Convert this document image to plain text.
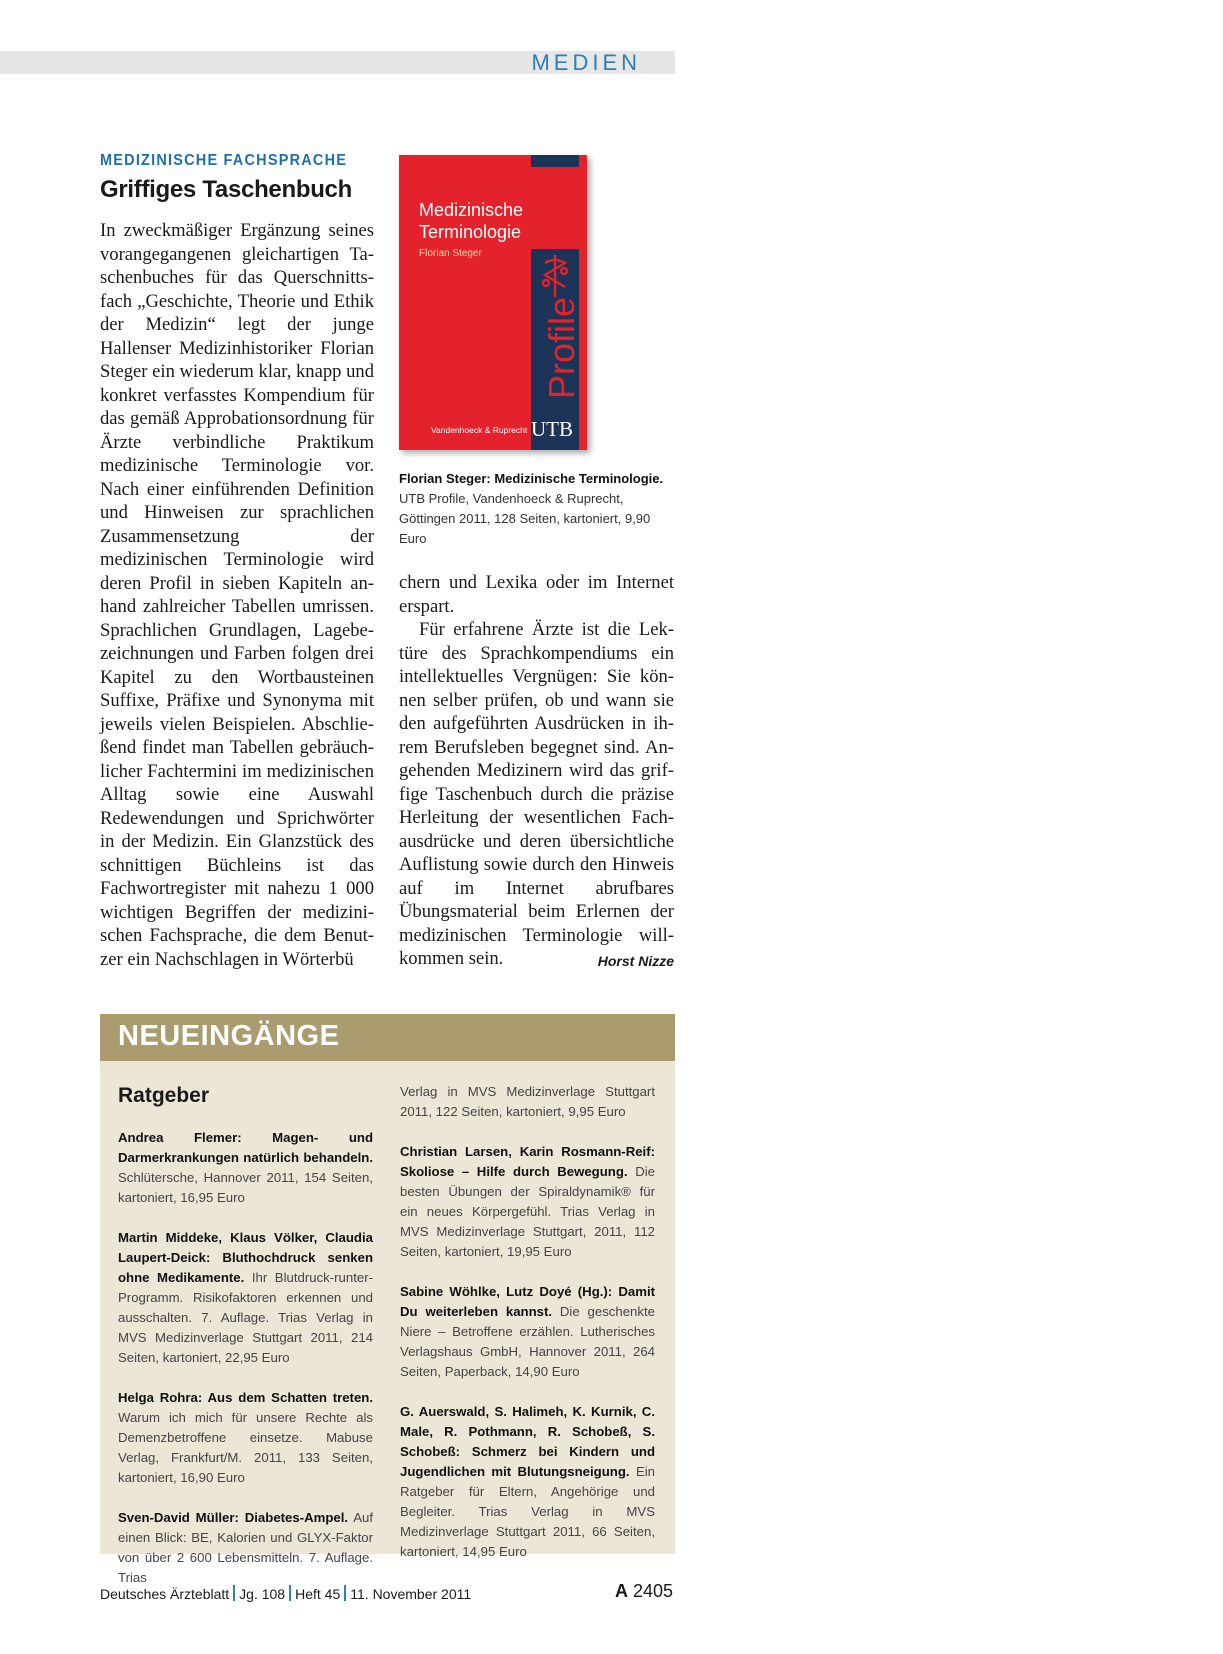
MEDIEN
MEDIZINISCHE FACHSPRACHE
Griffiges Taschenbuch

In zweckmäßiger Ergänzung seines vorangegangenen gleichartigen Taschenbuches für das Querschnittsfach „Geschichte, Theorie und Ethik der Medizin“ legt der junge Hallenser Medizinhistoriker Florian Steger ein wiederum klar, knapp und konkret verfasstes Kompendium für das gemäß Approbationsordnung für Ärzte verbindliche Praktikum medizinische Terminologie vor. Nach einer einführenden Definition und Hinweisen zur sprachlichen Zusammensetzung der medizinischen Terminologie wird deren Profil in sieben Kapiteln anhand zahlreicher Tabellen umrissen. Sprachlichen Grundlagen, Lagebezeichnungen und Farben folgen drei Kapitel zu den Wortbausteinen Suffixe, Präfixe und Synonyma mit jeweils vielen Beispielen. Abschließend findet man Tabellen gebräuchlicher Fachtermini im medizinischen Alltag sowie eine Auswahl Redewendungen und Sprichwörter in der Medizin. Ein Glanzstück des schnittigen Büchleins ist das Fachwortregister mit nahezu 1 000 wichtigen Begriffen der medizinischen Fachsprache, die dem Benutzer ein Nachschlagen in Wörterbü

Medizinische Terminologie
Florian Steger
Profile
Vandenhoeck & Ruprecht UTB
Florian Steger: Medizinische Terminologie.
UTB Profile, Vandenhoeck & Ruprecht, Göttingen 2011, 128 Seiten, kartoniert, 9,90 Euro

chern und Lexika oder im Internet erspart.

Für erfahrene Ärzte ist die Lektüre des Sprachkompendiums ein intellektuelles Vergnügen: Sie können selber prüfen, ob und wann sie den aufgeführten Ausdrücken in ihrem Berufsleben begegnet sind. Angehenden Medizinern wird das griffige Taschenbuch durch die präzise Herleitung der wesentlichen Fachausdrücke und deren übersichtliche Auflistung sowie durch den Hinweis auf im Internet abrufbares Übungsmaterial beim Erlernen der medizinischen Terminologie willkommen sein.	Horst Nizze

NEUEINGÄNGE
Ratgeber

Andrea Flemer: Magen- und Darmerkrankungen natürlich behandeln. Schlütersche, Hannover 2011, 154 Seiten, kartoniert, 16,95 Euro

Martin Middeke, Klaus Völker, Claudia Laupert-Deick: Bluthochdruck senken ohne Medikamente. Ihr Blutdruck-runter-Programm. Risikofaktoren erkennen und ausschalten. 7. Auflage. Trias Verlag in MVS Medizinverlage Stuttgart 2011, 214 Seiten, kartoniert, 22,95 Euro

Helga Rohra: Aus dem Schatten treten. Warum ich mich für unsere Rechte als Demenzbetroffene einsetze. Mabuse Verlag, Frankfurt/M. 2011, 133 Seiten, kartoniert, 16,90 Euro

Sven-David Müller: Diabetes-Ampel. Auf einen Blick: BE, Kalorien und GLYX-Faktor von über 2 600 Lebensmitteln. 7. Auflage. Trias

Verlag in MVS Medizinverlage Stuttgart 2011, 122 Seiten, kartoniert, 9,95 Euro

Christian Larsen, Karin Rosmann-Reif: Skoliose – Hilfe durch Bewegung. Die besten Übungen der Spiraldynamik® für ein neues Körpergefühl. Trias Verlag in MVS Medizinverlage Stuttgart, 2011, 112 Seiten, kartoniert, 19,95 Euro

Sabine Wöhlke, Lutz Doyé (Hg.): Damit Du weiterleben kannst. Die geschenkte Niere – Betroffene erzählen. Lutherisches Verlagshaus GmbH, Hannover 2011, 264 Seiten, Paperback, 14,90 Euro

G. Auerswald, S. Halimeh, K. Kurnik, C. Male, R. Pothmann, R. Schobeß, S. Schobeß: Schmerz bei Kindern und Jugendlichen mit Blutungsneigung. Ein Ratgeber für Eltern, Angehörige und Begleiter. Trias Verlag in MVS Medizinverlage Stuttgart 2011, 66 Seiten, kartoniert, 14,95 Euro

Deutsches Ärzteblatt Jg. 108 Heft 45 11. November 2011	A 2405
